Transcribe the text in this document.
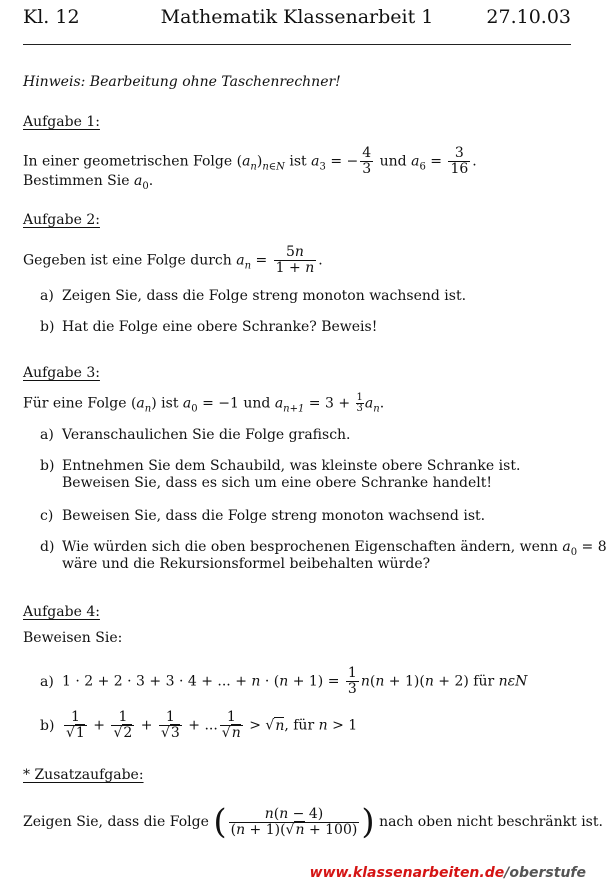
Kl. 12	Mathematik Klassenarbeit 1	27.10.03
Hinweis: Bearbeitung ohne Taschenrechner!
Aufgabe 1:
In einer geometrischen Folge $(a_n)_{n\in N}$ ist $a_3$ = − $\frac{4}{3}$ und $a_6 = \frac{3}{16}$ .
Bestimmen Sie $a_0$.
Aufgabe 2:
Gegeben ist eine Folge durch $a_n = \frac{5n}{1 + n}$ .
a) Zeigen Sie, dass die Folge streng monoton wachsend ist.
b) Hat die Folge eine obere Schranke? Beweis!
Aufgabe 3:
Für eine Folge $(a_n)$ ist $a_0 = -1$ und $a_{n+1} = 3 + \frac{1}{3} a_n$.
a) Veranschaulichen Sie die Folge grafisch.
b) Entnehmen Sie dem Schaubild, was kleinste obere Schranke ist.
Beweisen Sie, dass es sich um eine obere Schranke handelt!
c) Beweisen Sie, dass die Folge streng monoton wachsend ist.
d) Wie würden sich die oben besprochenen Eigenschaften ändern, wenn $a_0 = 8$
wäre und die Rekursionsformel beibehalten würde?
Aufgabe 4:
Beweisen Sie:
a) 1 · 2 + 2 · 3 + 3 · 4 + ... + $n \cdot (n + 1) = \frac{1}{3} n(n + 1)(n + 2)$ für nεN
$b) \frac{1}{√1} + \frac{1}{√2} + \frac{1}{√3}$ + ... $\frac{1}{√n} > √n$, für n > 1
* Zusatzaufgabe:
Zeigen Sie, dass die Folge ( $\frac{n(n - 4)}{(n + 1)(√n + 100)}$ ) nach oben nicht beschränkt ist.
www.klassenarbeiten.de/oberstufe
